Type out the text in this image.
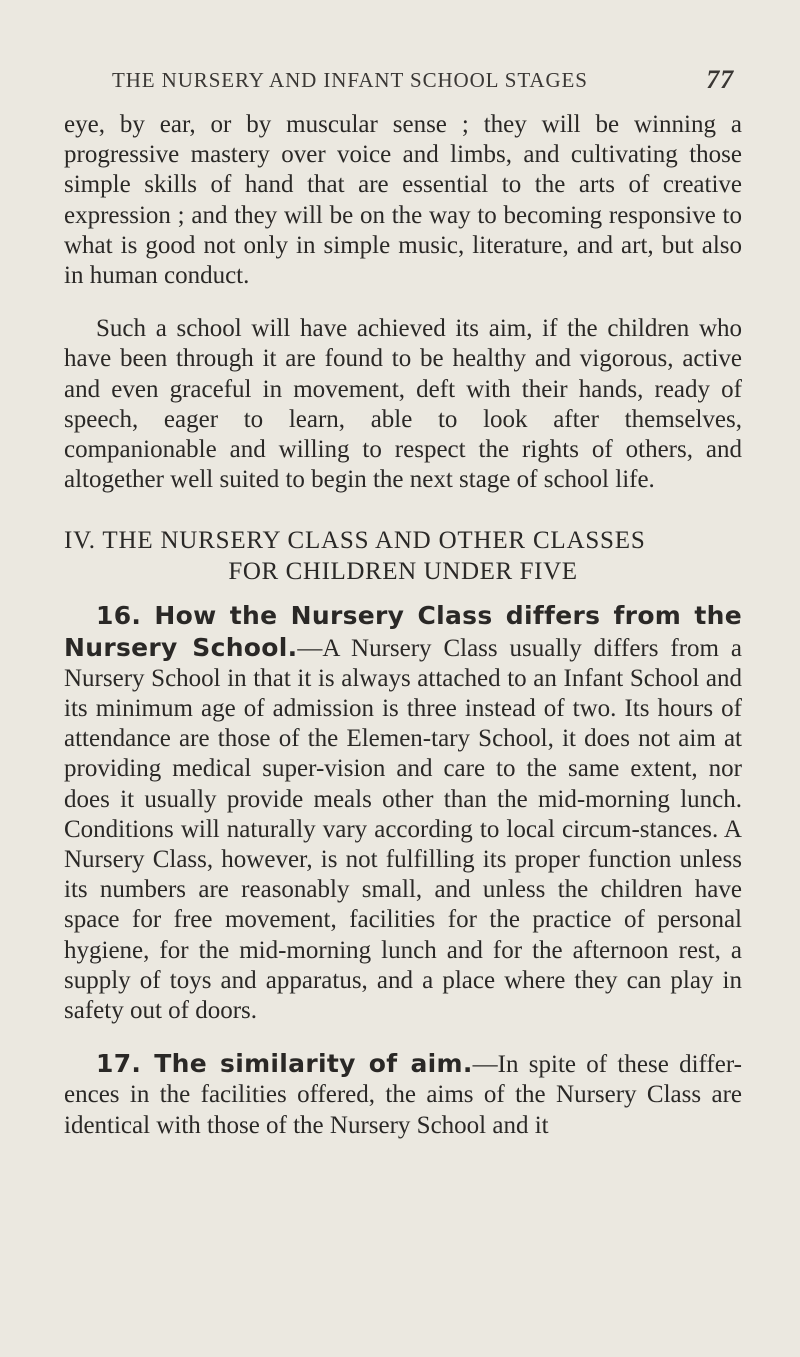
THE NURSERY AND INFANT SCHOOL STAGES	77

eye, by ear, or by muscular sense ; they will be winning a progressive mastery over voice and limbs, and cultivating those simple skills of hand that are essential to the arts of creative expression ; and they will be on the way to becoming responsive to what is good not only in simple music, literature, and art, but also in human conduct.

Such a school will have achieved its aim, if the children who have been through it are found to be healthy and vigorous, active and even graceful in movement, deft with their hands, ready of speech, eager to learn, able to look after themselves, companionable and willing to respect the rights of others, and altogether well suited to begin the next stage of school life.

IV. THE NURSERY CLASS AND OTHER CLASSES
FOR CHILDREN UNDER FIVE

16. How the Nursery Class differs from the Nursery School.—A Nursery Class usually differs from a Nursery School in that it is always attached to an Infant School and its minimum age of admission is three instead of two. Its hours of attendance are those of the Elemen-tary School, it does not aim at providing medical super-vision and care to the same extent, nor does it usually provide meals other than the mid-morning lunch. Conditions will naturally vary according to local circum-stances. A Nursery Class, however, is not fulfilling its proper function unless its numbers are reasonably small, and unless the children have space for free movement, facilities for the practice of personal hygiene, for the mid-morning lunch and for the afternoon rest, a supply of toys and apparatus, and a place where they can play in safety out of doors.

17. The similarity of aim.—In spite of these differ-ences in the facilities offered, the aims of the Nursery Class are identical with those of the Nursery School and it
